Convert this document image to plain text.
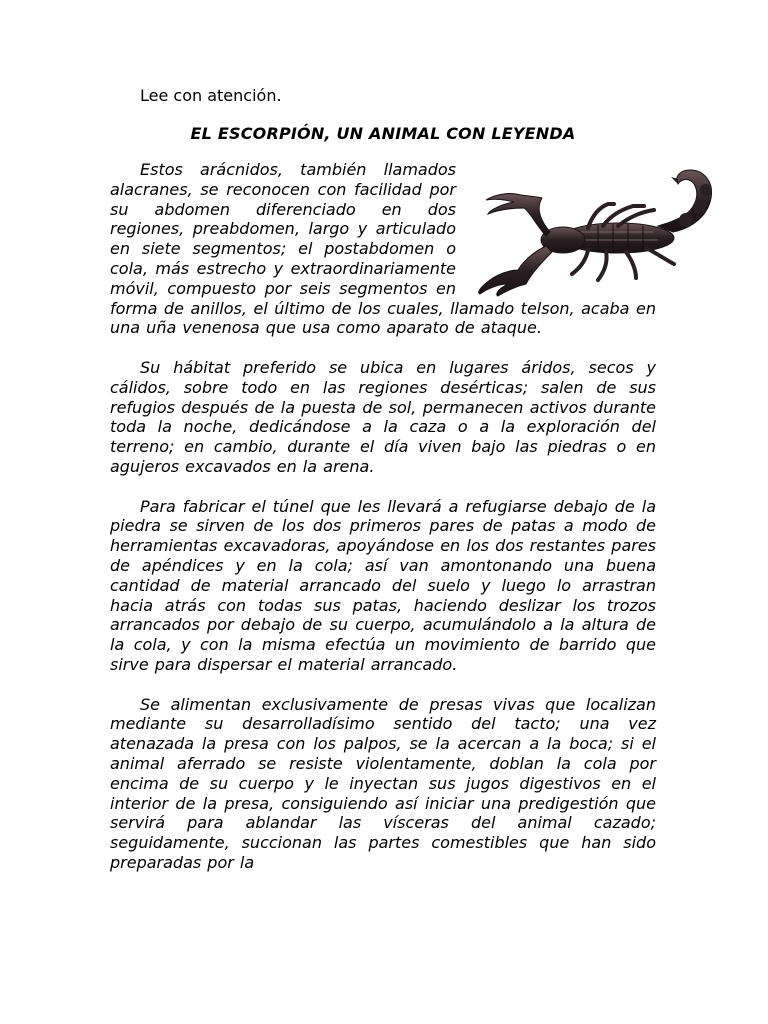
Lee con atención.

EL ESCORPIÓN, UN ANIMAL CON LEYENDA

Estos arácnidos, también llamados alacranes, se reconocen con facilidad por su abdomen diferenciado en dos regiones, preabdomen, largo y articulado en siete segmentos; el postabdomen o cola, más estrecho y extraordinariamente móvil, compuesto por seis segmentos en forma de anillos, el último de los cuales, llamado telson, acaba en una uña venenosa que usa como aparato de ataque.

Su hábitat preferido se ubica en lugares áridos, secos y cálidos, sobre todo en las regiones desérticas; salen de sus refugios después de la puesta de sol, permanecen activos durante toda la noche, dedicándose a la caza o a la exploración del terreno; en cambio, durante el día viven bajo las piedras o en agujeros excavados en la arena.

Para fabricar el túnel que les llevará a refugiarse debajo de la piedra se sirven de los dos primeros pares de patas a modo de herramientas excavadoras, apoyándose en los dos restantes pares de apéndices y en la cola; así van amontonando una buena cantidad de material arrancado del suelo y luego lo arrastran hacia atrás con todas sus patas, haciendo deslizar los trozos arrancados por debajo de su cuerpo, acumulándolo a la altura de la cola, y con la misma efectúa un movimiento de barrido que sirve para dispersar el material arrancado.

Se alimentan exclusivamente de presas vivas que localizan mediante su desarrolladísimo sentido del tacto; una vez atenazada la presa con los palpos, se la acercan a la boca; si el animal aferrado se resiste violentamente, doblan la cola por encima de su cuerpo y le inyectan sus jugos digestivos en el interior de la presa, consiguiendo así iniciar una predigestión que servirá para ablandar las vísceras del animal cazado; seguidamente, succionan las partes comestibles que han sido preparadas por la
